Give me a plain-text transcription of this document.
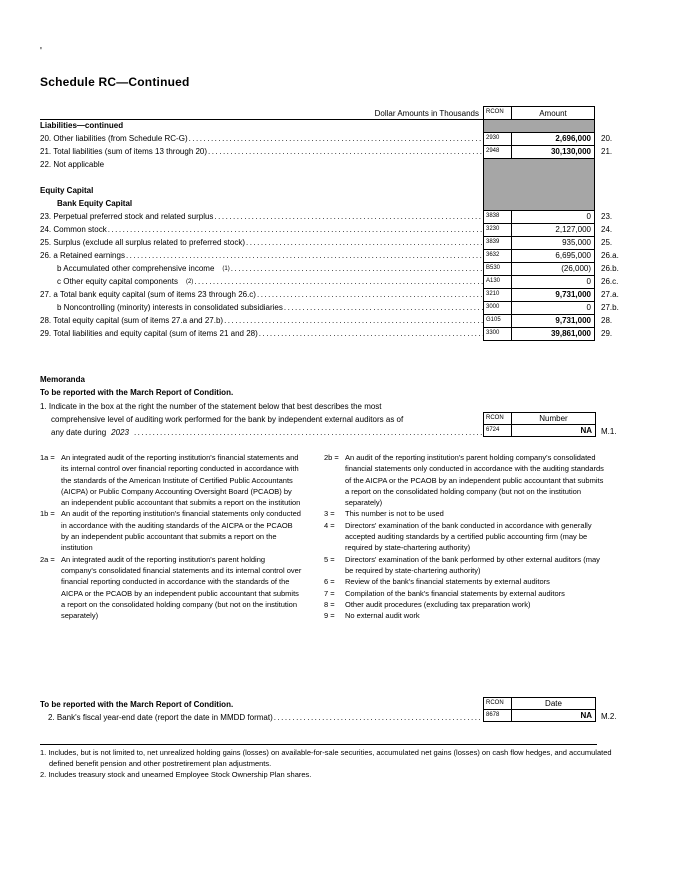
'
Schedule RC—Continued
Dollar Amounts in Thousands	RCON	Amount
Liabilities—continued
20. Other liabilities (from Schedule RC-G) .....	2930	2,696,000	20.
21. Total liabilities (sum of items 13 through 20) .....	2948	30,130,000	21.
22. Not applicable
Equity Capital
Bank Equity Capital
23. Perpetual preferred stock and related surplus .....	3838	0	23.
24. Common stock .....	3230	2,127,000	24.
25. Surplus (exclude all surplus related to preferred stock) .....	3839	935,000	25.
26. a Retained earnings .....	3632	6,695,000	26.a.
b Accumulated other comprehensive income (1) .....	B530	(26,000)	26.b.
c Other equity capital components (2) .....	A130	0	26.c.
27. a Total bank equity capital (sum of items 23 through 26.c) .....	3210	9,731,000	27.a.
b Noncontrolling (minority) interests in consolidated subsidiaries .....	3000	0	27.b.
28. Total equity capital (sum of items 27.a and 27.b) .....	G105	9,731,000	28.
29. Total liabilities and equity capital (sum of items 21 and 28) .....	3300	39,861,000	29.
Memoranda
To be reported with the March Report of Condition.
1. Indicate in the box at the right the number of the statement below that best describes the most
comprehensive level of auditing work performed for the bank by independent external auditors as of
any date during 2023
.....
RCON	Number
6724	NA	M.1.
1a = An integrated audit of the reporting institution's financial statements and its internal control over financial reporting conducted in accordance with the standards of the American Institute of Certified Public Accountants (AICPA) or Public Company Accounting Oversight Board (PCAOB) by an independent public accountant that submits a report on the institution
1b = An audit of the reporting institution's financial statements only conducted in accordance with the auditing standards of the AICPA or the PCAOB by an independent public accountant that submits a report on the institution
2a = An integrated audit of the reporting institution's parent holding company's consolidated financial statements and its internal control over financial reporting conducted in accordance with the standards of the AICPA or the PCAOB by an independent public accountant that submits a report on the consolidated holding company (but not on the institution separately)
2b = An audit of the reporting institution's parent holding company's consolidated financial statements only conducted in accordance with the auditing standards of the AICPA or the PCAOB by an independent public accountant that submits a report on the consolidated holding company (but not on the institution separately)
3 =	This number is not to be used
4 =	Directors' examination of the bank conducted in accordance with generally accepted auditing standards by a certified public accounting firm (may be required by state-chartering authority)
5 =	Directors' examination of the bank performed by other external auditors (may be required by state-chartering authority)
6 =	Review of the bank's financial statements by external auditors
7 =	Compilation of the bank's financial statements by external auditors
8 =	Other audit procedures (excluding tax preparation work)
9 =	No external audit work
To be reported with the March Report of Condition.
2. Bank's fiscal year-end date (report the date in MMDD format)
.....
RCON	Date
8678	NA	M.2.
1. Includes, but is not limited to, net unrealized holding gains (losses) on available-for-sale securities, accumulated net gains (losses) on cash flow hedges, and accumulated defined benefit pension and other postretirement plan adjustments.
2. Includes treasury stock and unearned Employee Stock Ownership Plan shares.
